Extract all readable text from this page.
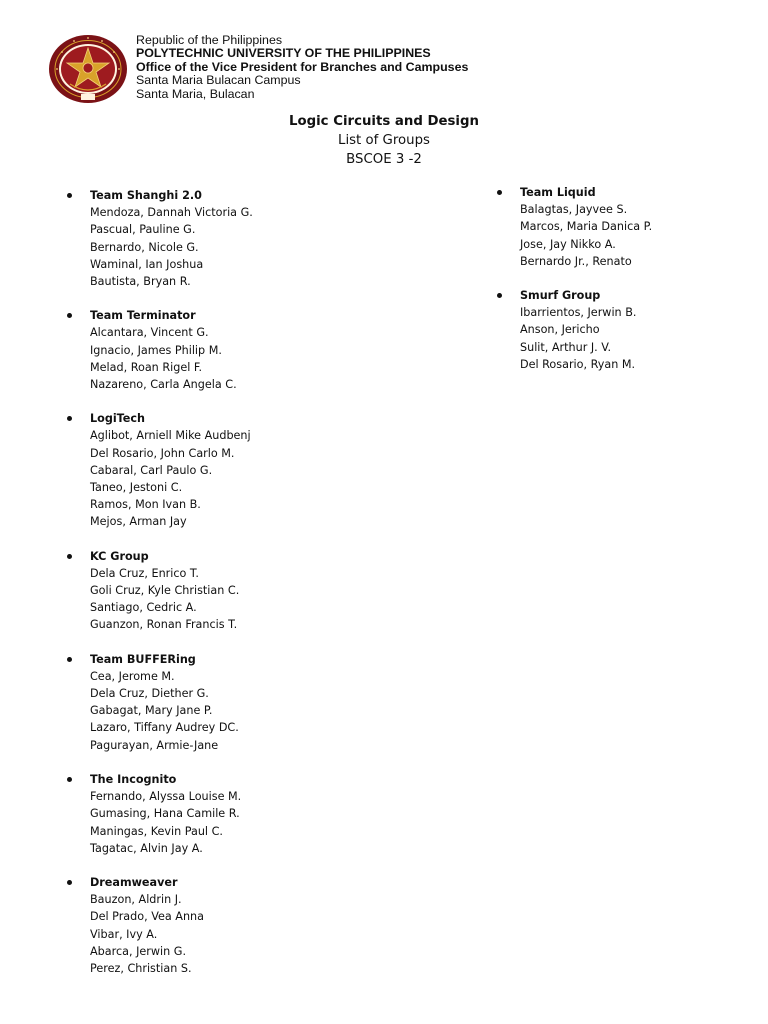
Republic of the Philippines
POLYTECHNIC UNIVERSITY OF THE PHILIPPINES
Office of the Vice President for Branches and Campuses
Santa Maria Bulacan Campus
Santa Maria, Bulacan
Logic Circuits and Design
List of Groups
BSCOE 3 -2
Team Shanghi 2.0
Mendoza, Dannah Victoria G.
Pascual, Pauline G.
Bernardo, Nicole G.
Waminal, Ian Joshua
Bautista, Bryan R.
Team Terminator
Alcantara, Vincent G.
Ignacio, James Philip M.
Melad, Roan Rigel F.
Nazareno, Carla Angela C.
LogiTech
Aglibot, Arniell Mike Audbenj
Del Rosario, John Carlo M.
Cabaral, Carl Paulo G.
Taneo, Jestoni C.
Ramos, Mon Ivan B.
Mejos, Arman Jay
KC Group
Dela Cruz, Enrico T.
Goli Cruz, Kyle Christian C.
Santiago, Cedric A.
Guanzon, Ronan Francis T.
Team BUFFERing
Cea, Jerome M.
Dela Cruz, Diether G.
Gabagat, Mary Jane P.
Lazaro, Tiffany Audrey DC.
Pagurayan, Armie-Jane
The Incognito
Fernando, Alyssa Louise M.
Gumasing, Hana Camile R.
Maningas, Kevin Paul C.
Tagatac, Alvin Jay A.
Dreamweaver
Bauzon, Aldrin J.
Del Prado, Vea Anna
Vibar, Ivy A.
Abarca, Jerwin G.
Perez, Christian S.
Team Liquid
Balagtas, Jayvee S.
Marcos, Maria Danica P.
Jose, Jay Nikko A.
Bernardo Jr., Renato
Smurf Group
Ibarrientos, Jerwin B.
Anson, Jericho
Sulit, Arthur J. V.
Del Rosario, Ryan M.
